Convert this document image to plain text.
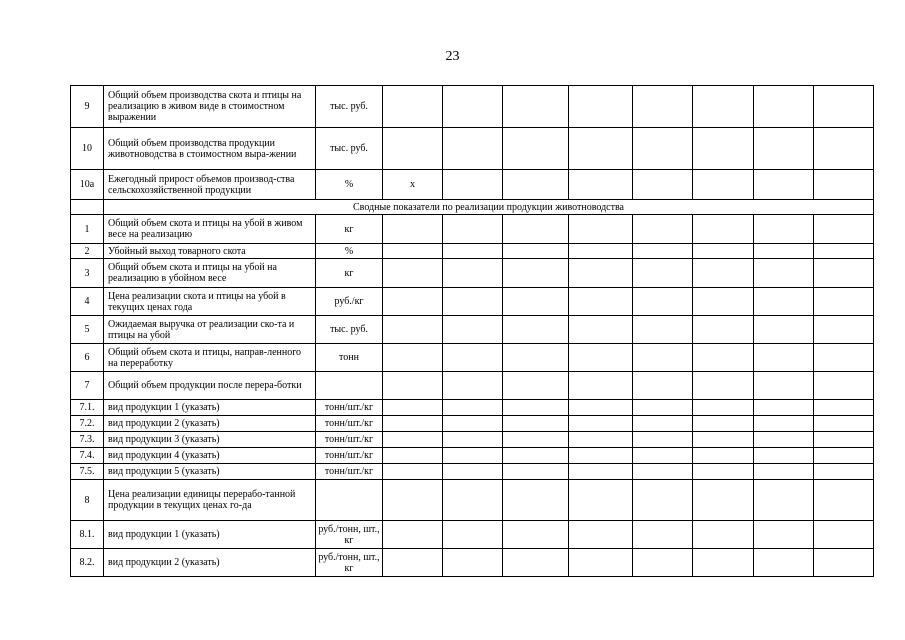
23
9	Общий объем производства скота и птицы на реализацию в живом виде в стоимостном выражении	тыс. руб.								
10	Общий объем производства продукции животноводства в стоимостном выра-жении	тыс. руб.								
10а	Ежегодный прирост объемов производ-ства сельскохозяйственной продукции	%	х							
	Сводные показатели по реализации продукции животноводства									
1	Общий объем скота и птицы на убой в живом весе на реализацию	кг								
2	Убойный выход товарного скота	%								
3	Общий объем скота и птицы на убой на реализацию в убойном весе	кг								
4	Цена реализации скота и птицы на убой в текущих ценах года	руб./кг								
5	Ожидаемая выручка от реализации ско-та и птицы на убой	тыс. руб.								
6	Общий объем скота и птицы, направ-ленного на переработку	тонн								
7	Общий объем продукции после перера-ботки									
7.1.	вид продукции 1 (указать)	тонн/шт./кг								
7.2.	вид продукции 2 (указать)	тонн/шт./кг								
7.3.	вид продукции 3 (указать)	тонн/шт./кг								
7.4.	вид продукции 4 (указать)	тонн/шт./кг								
7.5.	вид продукции 5 (указать)	тонн/шт./кг								
8	Цена реализации единицы перерабо-танной продукции в текущих ценах го-да									
8.1.	вид продукции 1 (указать)	руб./тонн, шт., кг								
8.2.	вид продукции 2 (указать)	руб./тонн, шт., кг								
